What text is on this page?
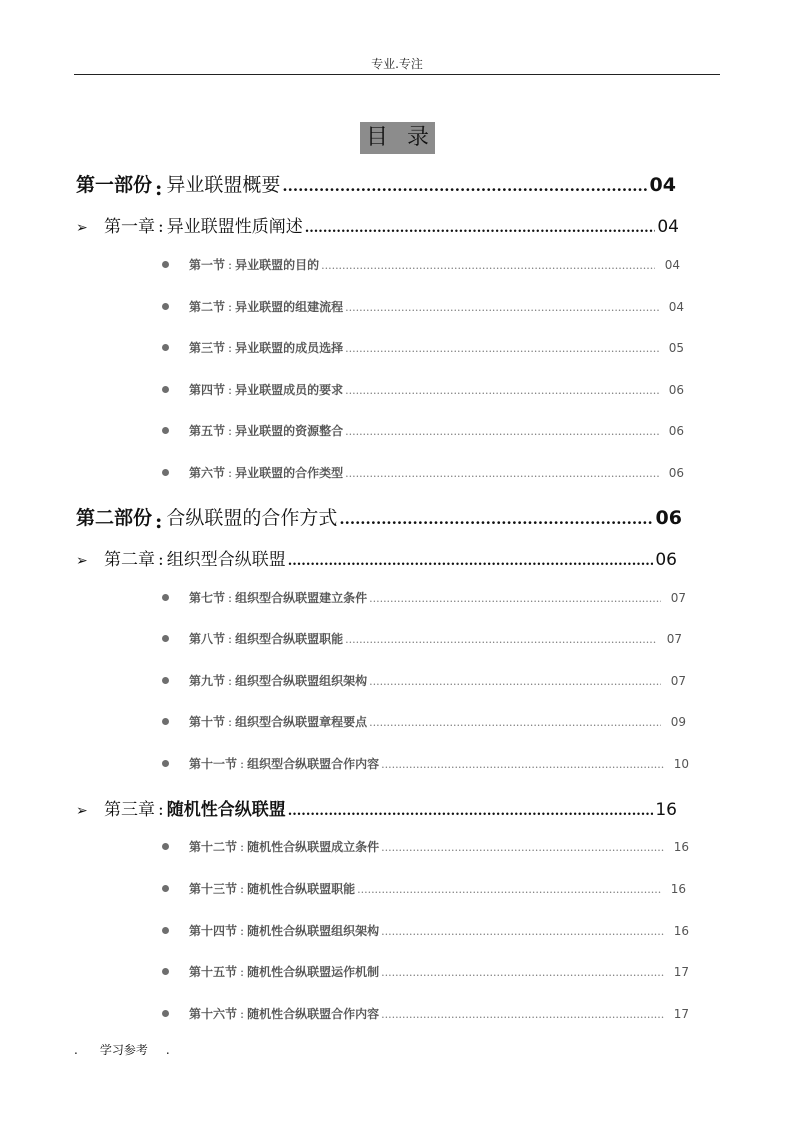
专业.专注
目 录
第一部份 : 异业联盟概要 .....	04
➢ 第一章 : 异业联盟性质阐述 .....	04
第一节 : 异业联盟的目的 .....	04
第二节 : 异业联盟的组建流程 .....	04
第三节 : 异业联盟的成员选择 .....	05
第四节 : 异业联盟成员的要求 .....	06
第五节 : 异业联盟的资源整合 .....	06
第六节 : 异业联盟的合作类型 .....	06
第二部份 : 合纵联盟的合作方式 .....	06
➢ 第二章 : 组织型合纵联盟 .....	06
第七节 : 组织型合纵联盟建立条件 .....	07
第八节 : 组织型合纵联盟职能 .....	07
第九节 : 组织型合纵联盟组织架构 .....	07
第十节 : 组织型合纵联盟章程要点 .....	09
第十一节 : 组织型合纵联盟合作内容 .....	10
➢ 第三章 : 随机性合纵联盟 .....	16
第十二节 : 随机性合纵联盟成立条件 .....	16
第十三节 : 随机性合纵联盟职能 .....	16
第十四节 : 随机性合纵联盟组织架构 .....	16
第十五节 : 随机性合纵联盟运作机制 .....	17
第十六节 : 随机性合纵联盟合作内容 .....	17
. 学习参考 .
